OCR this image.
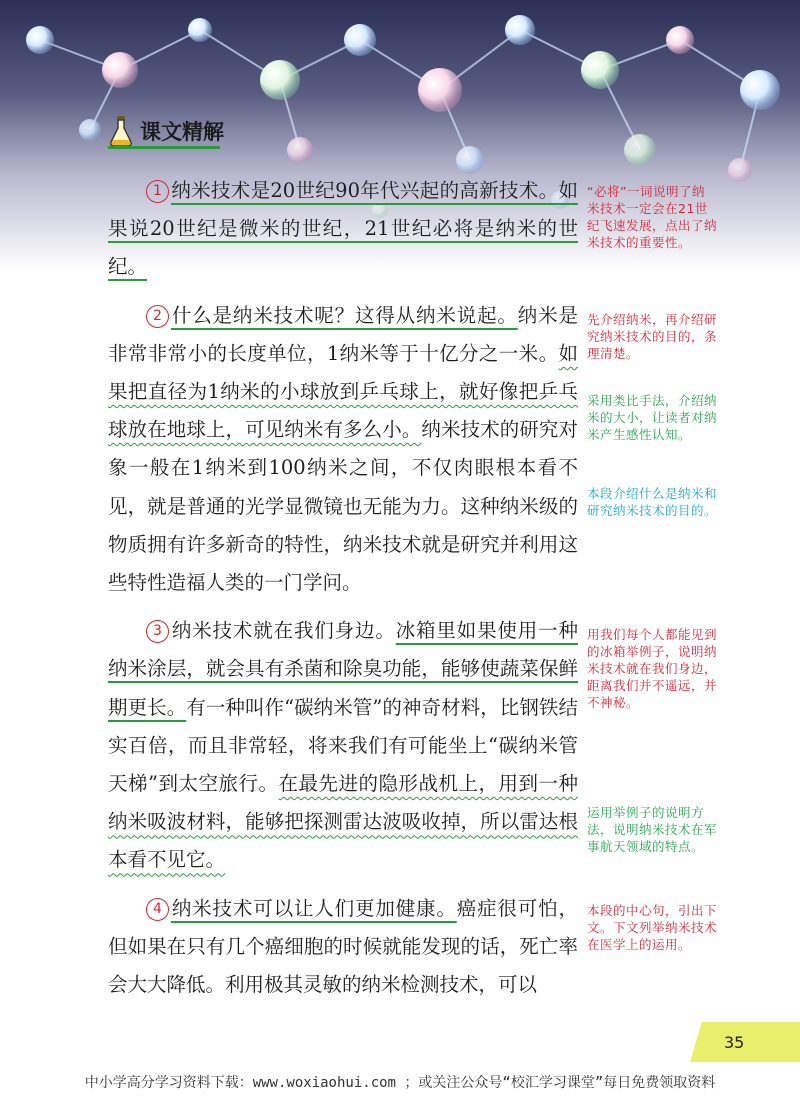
课文精解

1 纳米技术是20世纪90年代兴起的高新技术。如果说20世纪是微米的世纪，21世纪必将是纳米的世纪。

2 什么是纳米技术呢？这得从纳米说起。纳米是非常非常小的长度单位，1纳米等于十亿分之一米。如果把直径为1纳米的小球放到乒乓球上，就好像把乒乓球放在地球上，可见纳米有多么小。纳米技术的研究对象一般在1纳米到100纳米之间，不仅肉眼根本看不见，就是普通的光学显微镜也无能为力。这种纳米级的物质拥有许多新奇的特性，纳米技术就是研究并利用这些特性造福人类的一门学问。

3 纳米技术就在我们身边。冰箱里如果使用一种纳米涂层，就会具有杀菌和除臭功能，能够使蔬菜保鲜期更长。有一种叫作“碳纳米管”的神奇材料，比钢铁结实百倍，而且非常轻，将来我们有可能坐上“碳纳米管天梯”到太空旅行。在最先进的隐形战机上，用到一种纳米吸波材料，能够把探测雷达波吸收掉，所以雷达根本看不见它。

4 纳米技术可以让人们更加健康。癌症很可怕，但如果在只有几个癌细胞的时候就能发现的话，死亡率会大大降低。利用极其灵敏的纳米检测技术，可以

“必将”一词说明了纳米技术一定会在21世纪飞速发展，点出了纳米技术的重要性。
先介绍纳米，再介绍研究纳米技术的目的，条理清楚。
采用类比手法，介绍纳米的大小，让读者对纳米产生感性认知。
本段介绍什么是纳米和研究纳米技术的目的。
用我们每个人都能见到的冰箱举例子，说明纳米技术就在我们身边，距离我们并不遥远，并不神秘。
运用举例子的说明方法，说明纳米技术在军事航天领域的特点。
本段的中心句，引出下文。下文列举纳米技术在医学上的运用。
35
中小学高分学习资料下载：www.woxiaohui.com ；或关注公众号“校汇学习课堂”每日免费领取资料
